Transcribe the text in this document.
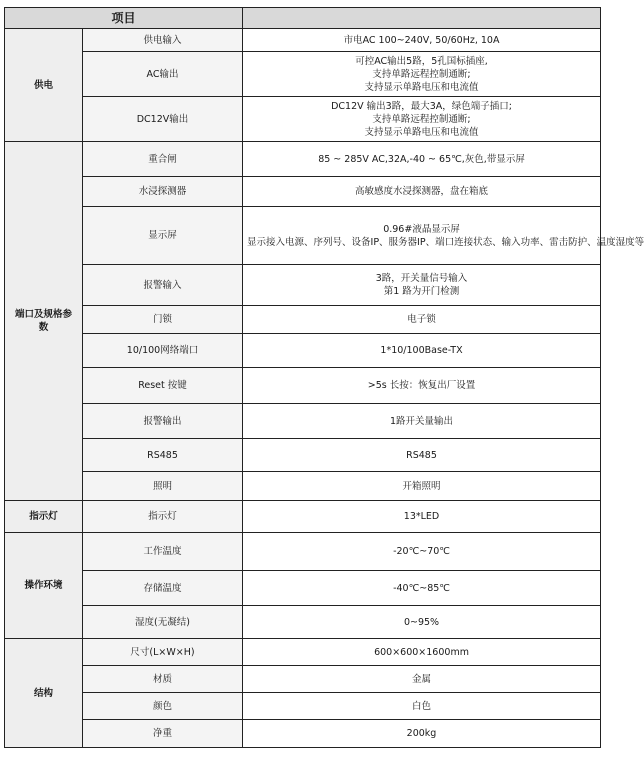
项目		
供电	供电输入	市电AC 100~240V, 50/60Hz, 10A

	AC输出	可控AC输出5路，5孔国标插座,
支持单路远程控制通断;
支持显示单路电压和电流值

	DC12V输出	DC12V 输出3路，最大3A，绿色端子插口;
支持单路远程控制通断;
支持显示单路电压和电流值

端口及规格参数	重合闸	85 ~ 285V AC,32A,-40 ~ 65℃,灰色,带显示屏

	水浸探测器	高敏感度水浸探测器，盘在箱底

	显示屏	0.96#液晶显示屏
显示接入电源、序列号、设备IP、服务器IP、端口连接状态、输入功率、雷击防护、温度湿度等

	报警输入	3路，开关量信号输入
第1 路为开门检测

	门锁	电子锁

	10/100网络端口	1*10/100Base-TX

	Reset 按键	>5s 长按：恢复出厂设置

	报警输出	1路开关量输出

	RS485	RS485

	照明	开箱照明

指示灯	指示灯	13*LED

操作环境	工作温度	-20℃~70℃

	存储温度	-40℃~85℃

	湿度(无凝结)	0~95%

结构	尺寸(L×W×H)	600×600×1600mm

	材质	金属

	颜色	白色

	净重	200kg
